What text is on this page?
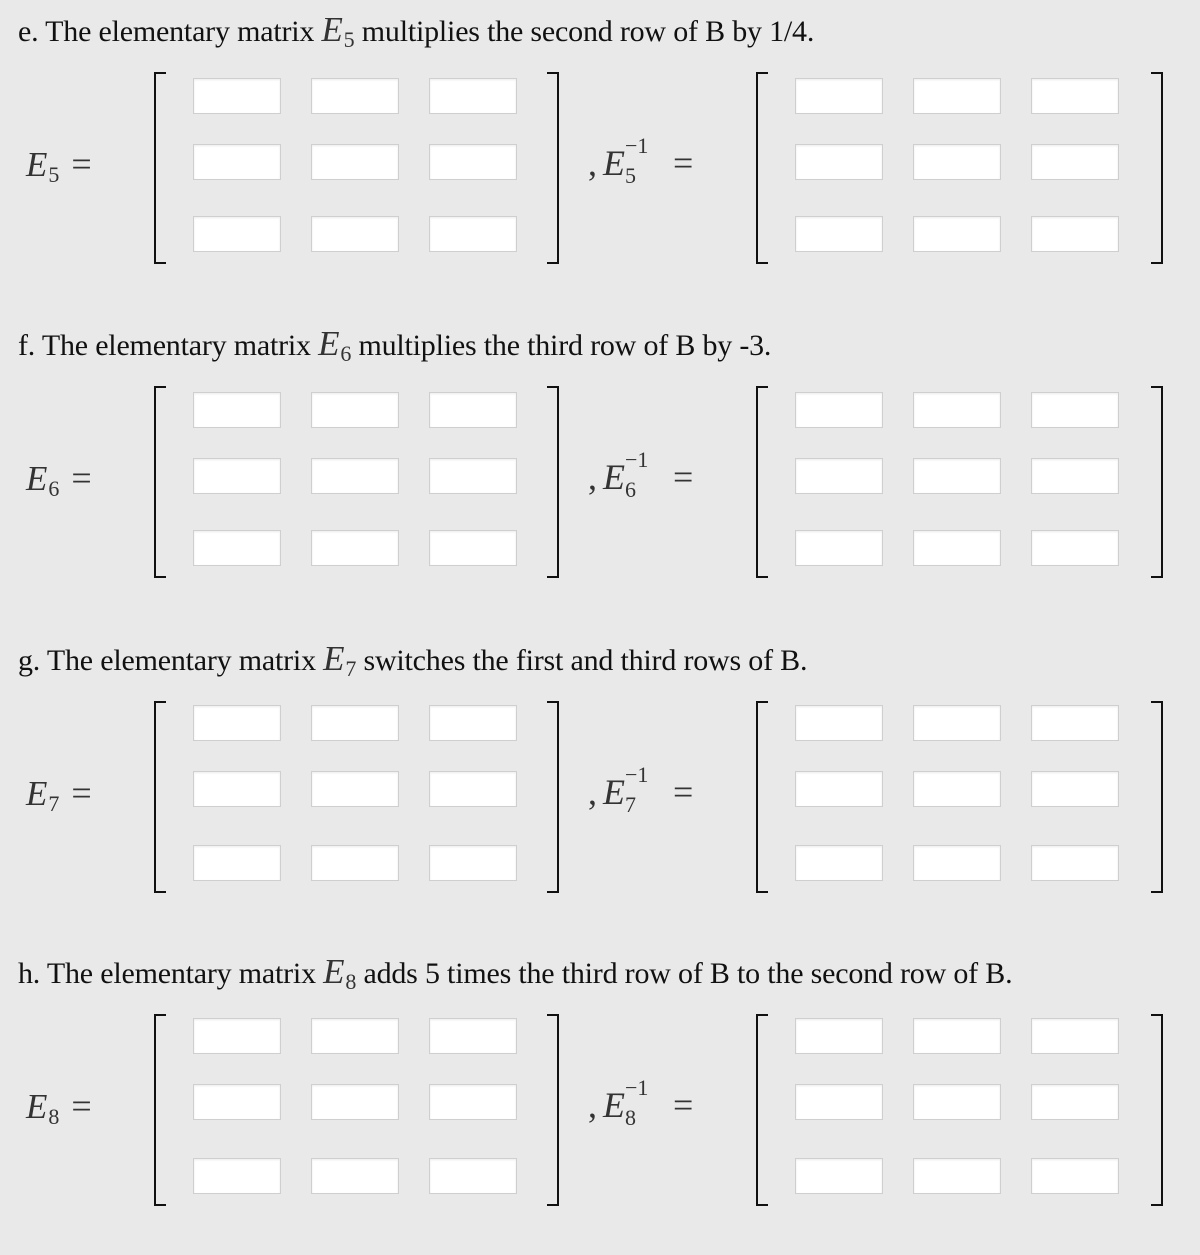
e. The elementary matrix $E_5$ multiplies the second row of B by 1/4.
E5 =	, E −1
5 =
f. The elementary matrix $E_6$ multiplies the third row of B by -3.
E6 =	, E −1
6 =
g. The elementary matrix $E_7$ switches the first and third rows of B.
E7 =	, E −1
7 =
h. The elementary matrix $E_8$ adds 5 times the third row of B to the second row of B.
E8 =	, E −1
8 =
